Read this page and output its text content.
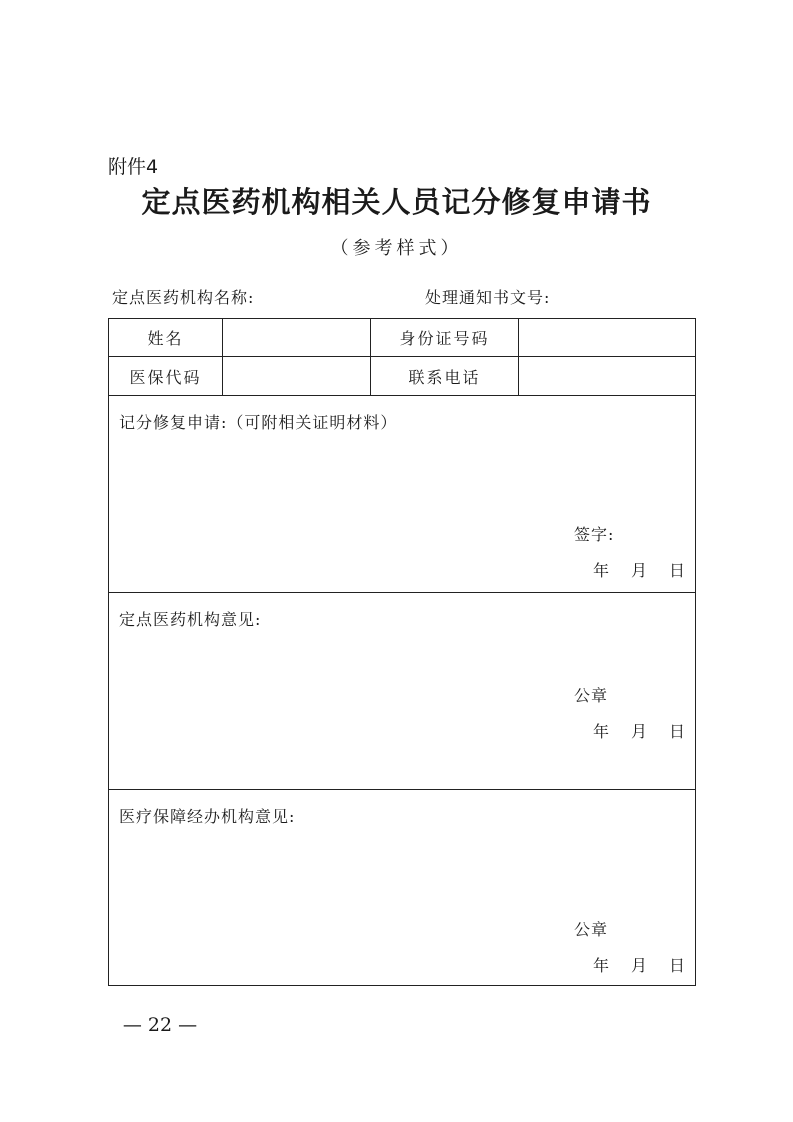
附件4
定点医药机构相关人员记分修复申请书
（参考样式）
定点医药机构名称:	处理通知书文号:
姓名	身份证号码
医保代码	联系电话
记分修复申请:（可附相关证明材料）
签字:
年 月 日
定点医药机构意见:
公章
年 月 日
医疗保障经办机构意见:
公章
年 月 日
— 22 —
